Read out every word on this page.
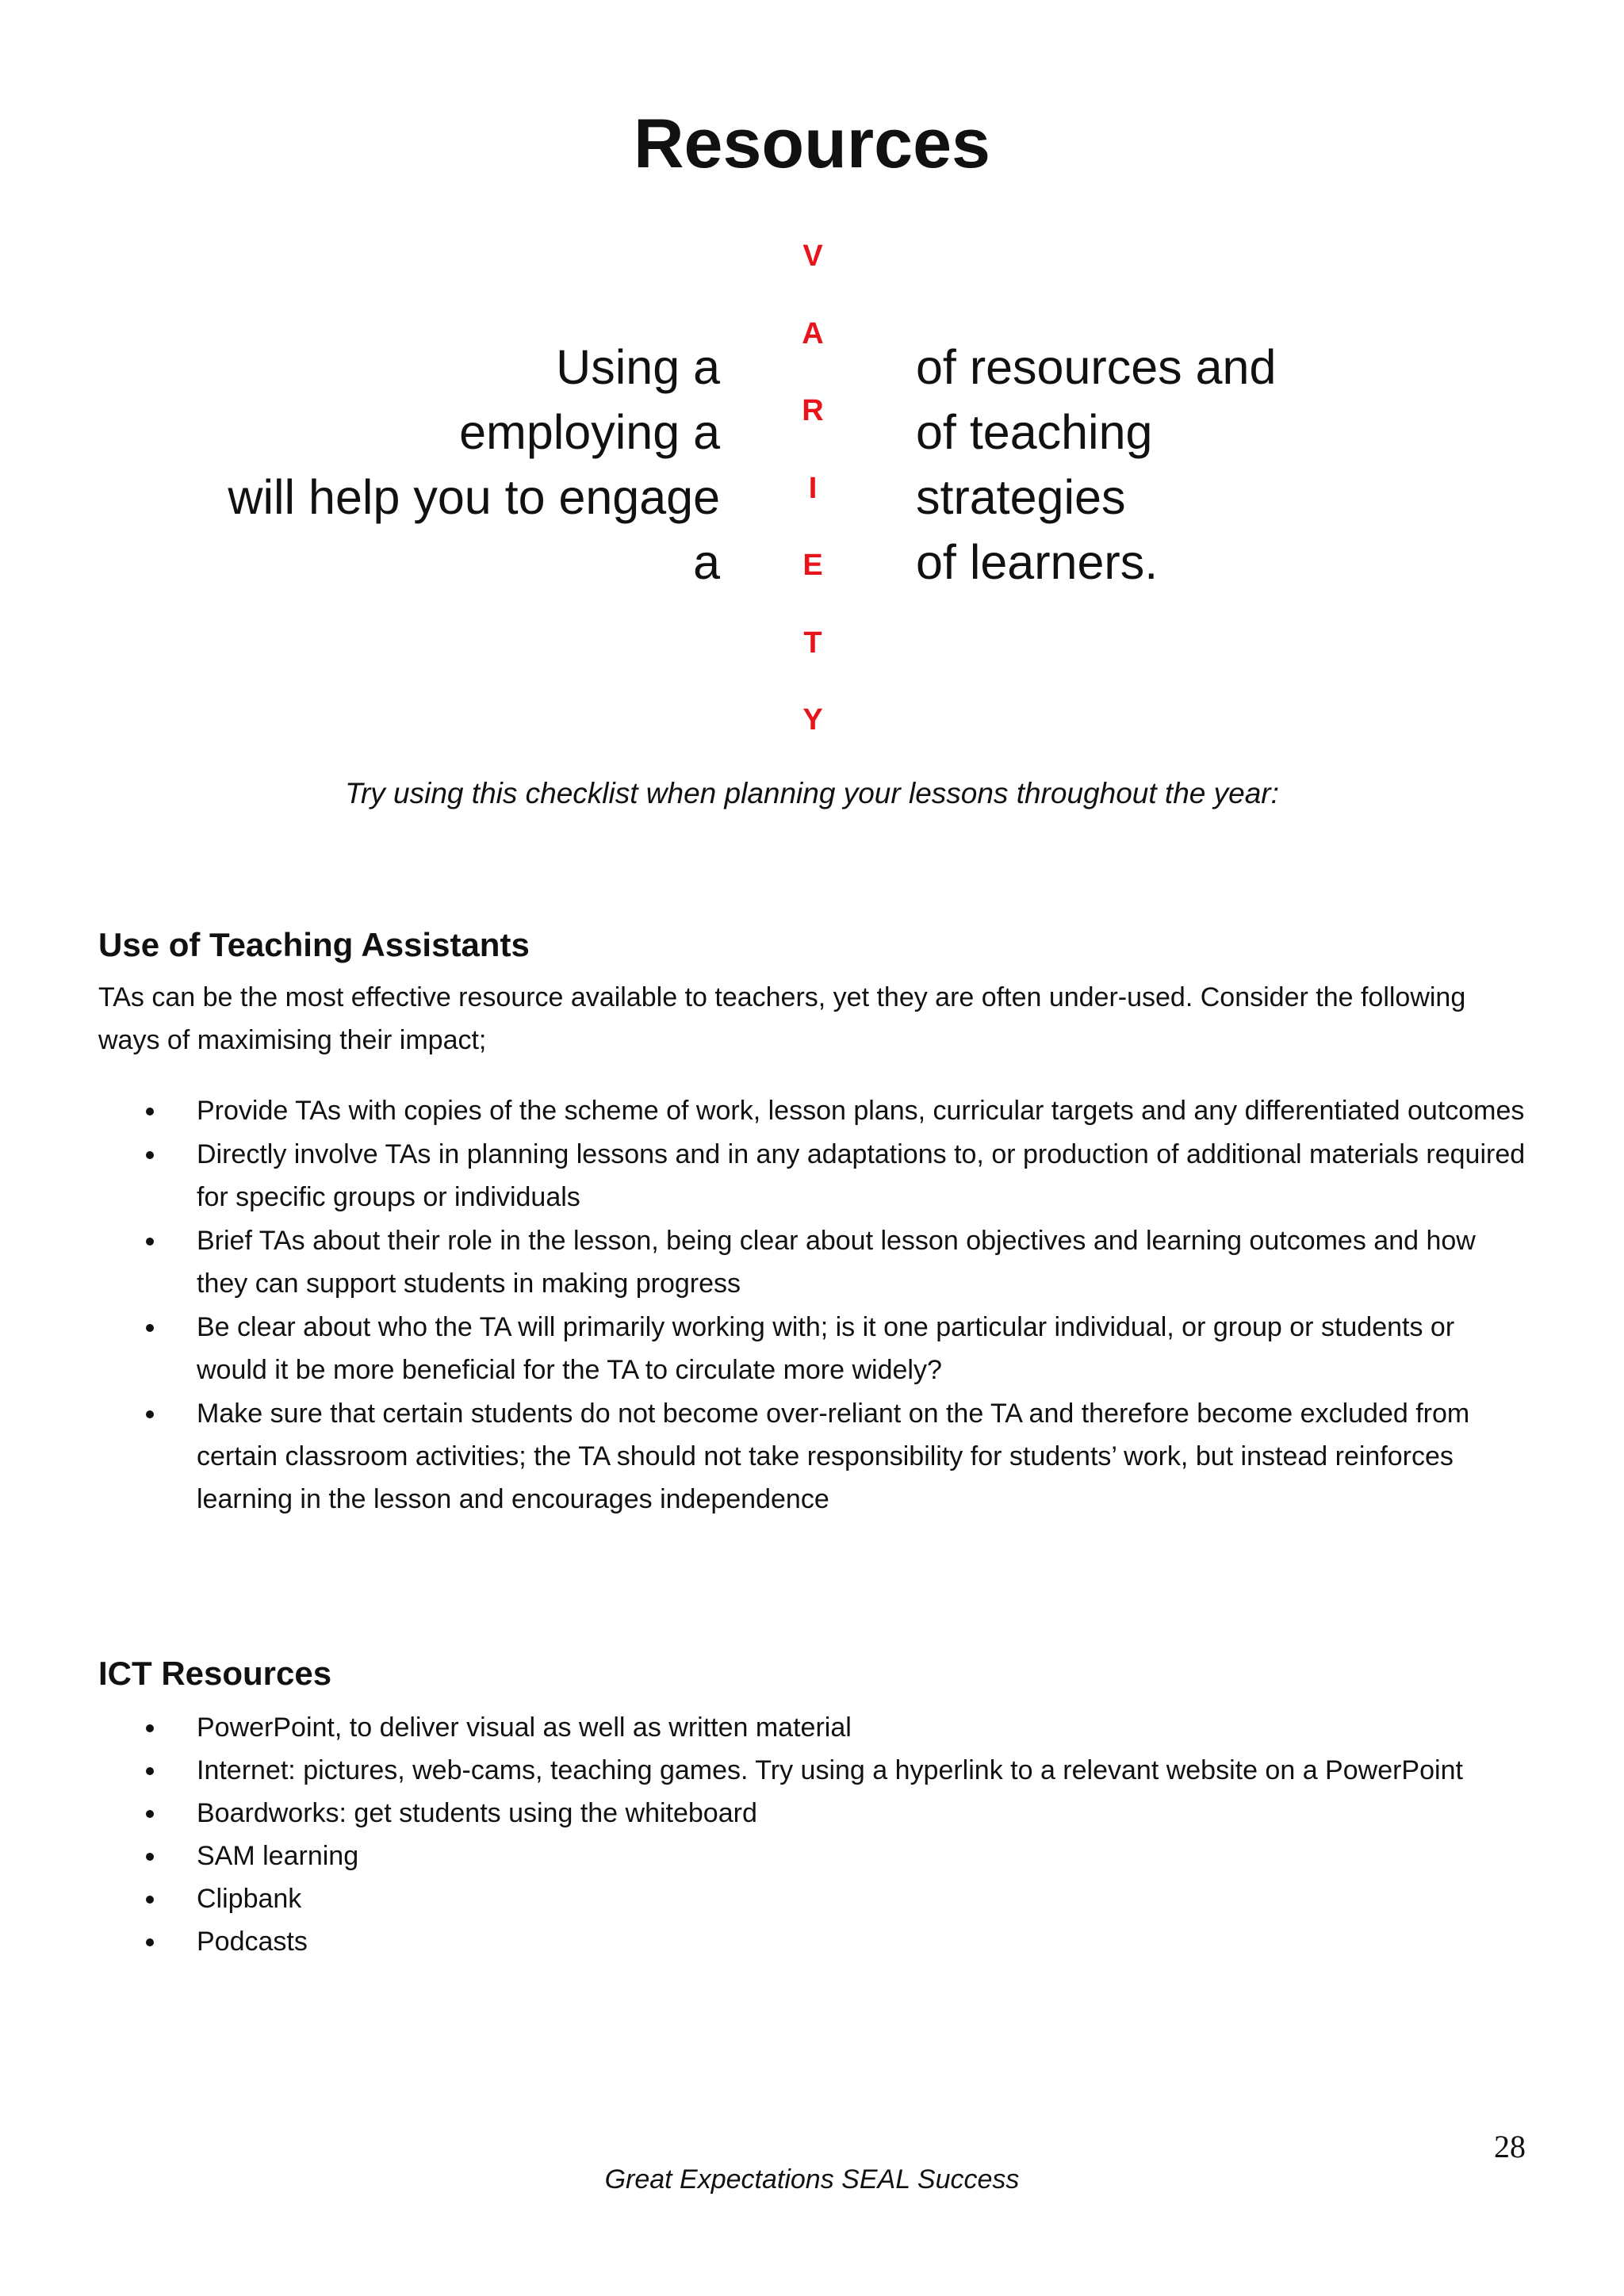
Resources
V
A
R
I
E
T
Y
Using a
employing a
will help you to engage
a
of resources and
of teaching
strategies
of learners.
Try using this checklist when planning your lessons throughout the year:
Use of Teaching Assistants
TAs can be the most effective resource available to teachers, yet they are often under-used. Consider the following ways of maximising their impact;
Provide TAs with copies of the scheme of work, lesson plans, curricular targets and any differentiated outcomes
Directly involve TAs in planning lessons and in any adaptations to, or production of additional materials required for specific groups or individuals
Brief TAs about their role in the lesson, being clear about lesson objectives and learning outcomes and how they can support students in making progress
Be clear about who the TA will primarily working with; is it one particular individual, or group or students or would it be more beneficial for the TA to circulate more widely?
Make sure that certain students do not become over-reliant on the TA and therefore become excluded from certain classroom activities; the TA should not take responsibility for students’ work, but instead reinforces learning in the lesson and encourages independence
ICT Resources
PowerPoint, to deliver visual as well as written material
Internet: pictures, web-cams, teaching games. Try using a hyperlink to a relevant website on a PowerPoint
Boardworks: get students using the whiteboard
SAM learning
Clipbank
Podcasts
28
Great Expectations SEAL Success
